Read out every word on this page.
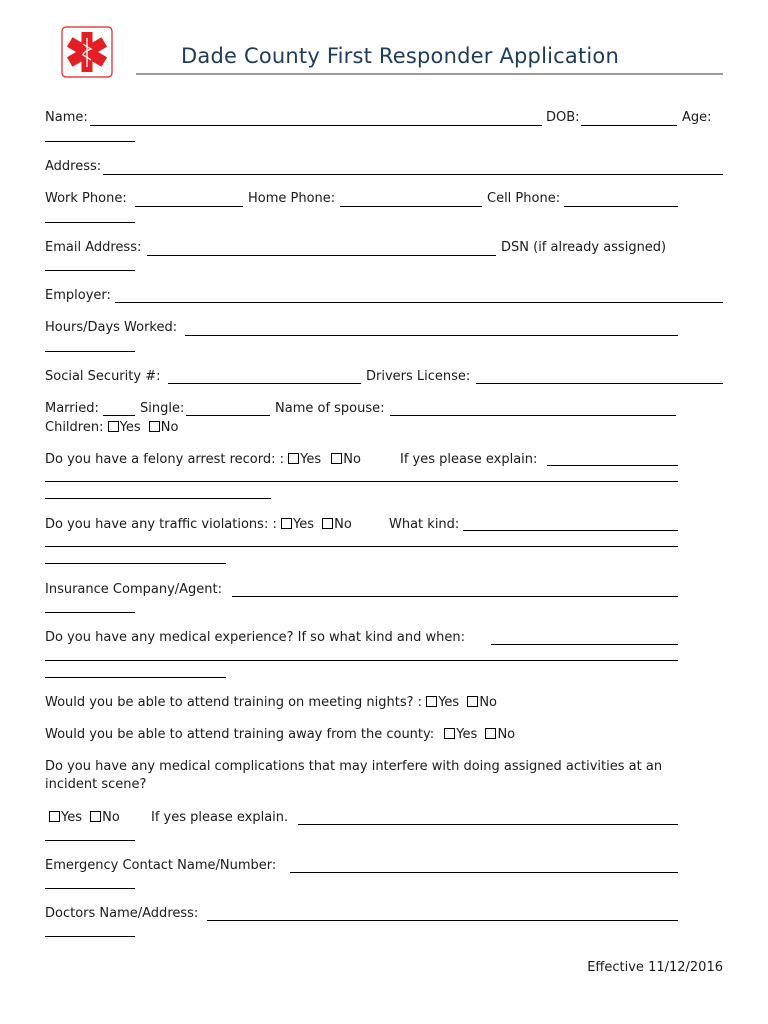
Dade County First Responder Application
Name:	DOB:	Age:
Address:
Work Phone:	Home Phone:	Cell Phone:
Email Address:	DSN (if already assigned)
Employer:
Hours/Days Worked:
Social Security #:	Drivers License:
Married:	Single:	Name of spouse:
Children: Yes No
Do you have a felony arrest record: : Yes No	If yes please explain:
Do you have any traffic violations: : Yes No	What kind:
Insurance Company/Agent:
Do you have any medical experience? If so what kind and when:
Would you be able to attend training on meeting nights? : Yes No
Would you be able to attend training away from the county: Yes No
Do you have any medical complications that may interfere with doing assigned activities at an
incident scene?
Yes No If yes please explain.
Emergency Contact Name/Number:
Doctors Name/Address:
Effective 11/12/2016
